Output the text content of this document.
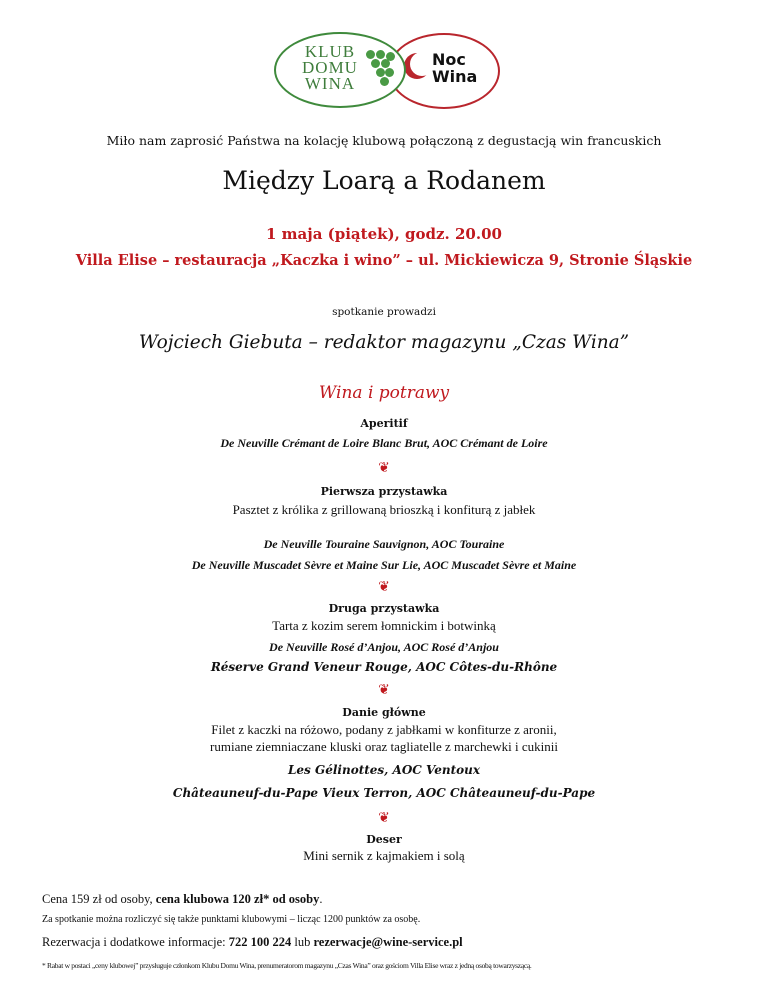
Noc
Wina
KLUB
DOMU
WINA
Miło nam zaprosić Państwa na kolację klubową połączoną z degustacją win francuskich
Między Loarą a Rodanem
1 maja (piątek), godz. 20.00
Villa Elise – restauracja „Kaczka i wino” – ul. Mickiewicza 9, Stronie Śląskie
spotkanie prowadzi
Wojciech Giebuta – redaktor magazynu „Czas Wina”
Wina i potrawy
Aperitif
De Neuville Crémant de Loire Blanc Brut, AOC Crémant de Loire
❦
Pierwsza przystawka
Pasztet z królika z grillowaną brioszką i konfiturą z jabłek
De Neuville Touraine Sauvignon, AOC Touraine
De Neuville Muscadet Sèvre et Maine Sur Lie, AOC Muscadet Sèvre et Maine
❦
Druga przystawka
Tarta z kozim serem łomnickim i botwinką
De Neuville Rosé d’Anjou, AOC Rosé d’Anjou
Réserve Grand Veneur Rouge, AOC Côtes-du-Rhône
❦
Danie główne
Filet z kaczki na różowo, podany z jabłkami w konfiturze z aronii,
rumiane ziemniaczane kluski oraz tagliatelle z marchewki i cukinii
Les Gélinottes, AOC Ventoux
Châteauneuf-du-Pape Vieux Terron, AOC Châteauneuf-du-Pape
❦
Deser
Mini sernik z kajmakiem i solą
Cena 159 zł od osoby, cena klubowa 120 zł* od osoby.
Za spotkanie można rozliczyć się także punktami klubowymi – licząc 1200 punktów za osobę.
Rezerwacja i dodatkowe informacje: 722 100 224 lub rezerwacje@wine-service.pl
* Rabat w postaci „ceny klubowej” przysługuje członkom Klubu Domu Wina, prenumeratorom magazynu „Czas Wina” oraz gościom Villa Elise wraz z jedną osobą towarzyszącą.
